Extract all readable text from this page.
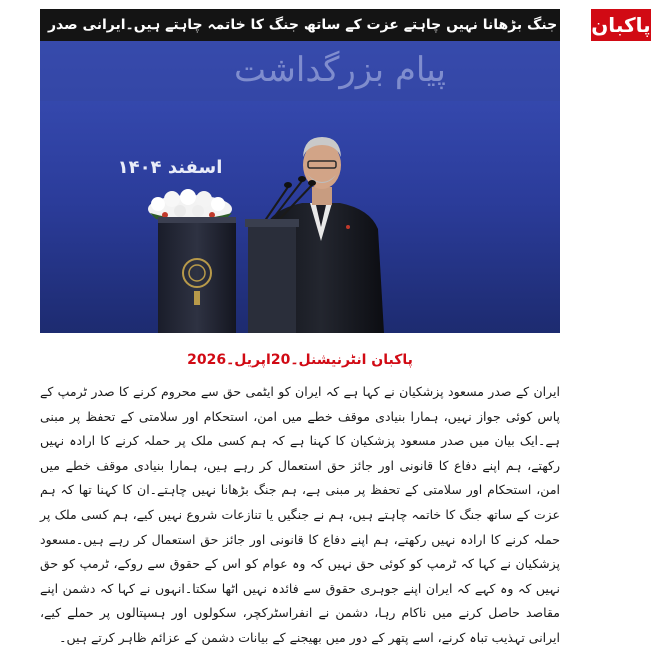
ہم جنگ بڑھانا نہیں چاہتے عزت کے ساتھ جنگ کا خاتمہ چاہتے ہیں۔ایرانی صدر پاکبان
پیام بزرگداشت
اسفند ۱۴۰۴
پاکبان انٹرنیشنل۔20اپریل۔2026

ایران کے صدر مسعود پزشکیان نے کہا ہے کہ ایران کو ایٹمی حق سے محروم کرنے کا صدر ٹرمپ کے پاس کوئی جواز نہیں، ہمارا بنیادی موقف خطے میں امن، استحکام اور سلامتی کے تحفظ پر مبنی ہے۔ایک بیان میں صدر مسعود پزشکیان کا کہنا ہے کہ ہم کسی ملک پر حملہ کرنے کا ارادہ نہیں رکھتے، ہم اپنے دفاع کا قانونی اور جائز حق استعمال کر رہے ہیں، ہمارا بنیادی موقف خطے میں امن، استحکام اور سلامتی کے تحفظ پر مبنی ہے، ہم جنگ بڑھانا نہیں چاہتے۔ان کا کہنا تھا کہ ہم عزت کے ساتھ جنگ کا خاتمہ چاہتے ہیں، ہم نے جنگیں یا تنازعات شروع نہیں کیے، ہم کسی ملک پر حملہ کرنے کا ارادہ نہیں رکھتے، ہم اپنے دفاع کا قانونی اور جائز حق استعمال کر رہے ہیں۔مسعود پزشکیان نے کہا کہ ٹرمپ کو کوئی حق نہیں کہ وہ عوام کو اس کے حقوق سے روکے، ٹرمپ کو حق نہیں کہ وہ کہے کہ ایران اپنے جوہری حقوق سے فائدہ نہیں اٹھا سکتا۔انہوں نے کہا کہ دشمن اپنے مقاصد حاصل کرنے میں ناکام رہا، دشمن نے انفراسٹرکچر، سکولوں اور ہسپتالوں پر حملے کیے، ایرانی تہذیب تباہ کرنے، اسے پتھر کے دور میں بھیجنے کے بیانات دشمن کے عزائم ظاہر کرتے ہیں۔
